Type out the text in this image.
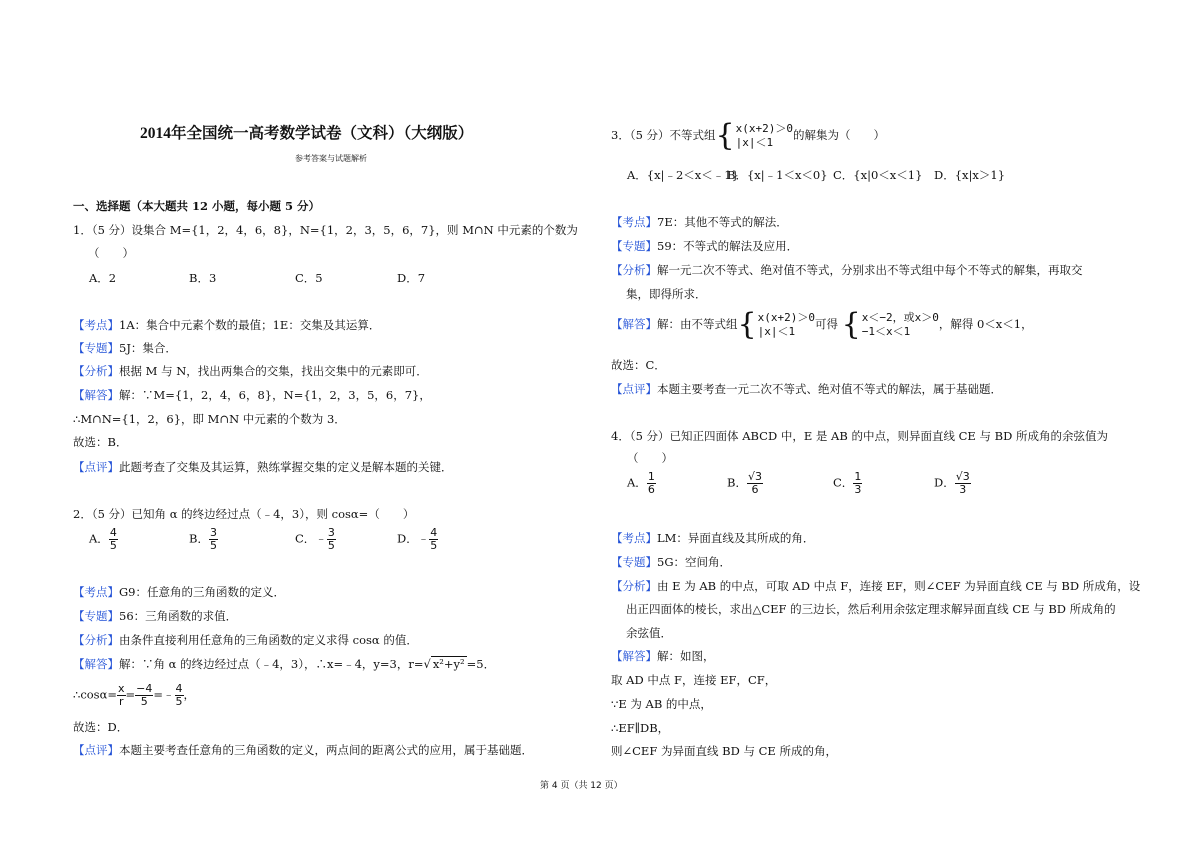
2014年全国统一高考数学试卷（文科）（大纲版）
参考答案与试题解析
一、选择题（本大题共 12 小题，每小题 5 分）
1．（5 分）设集合 M={1，2，4，6，8}，N={1，2，3，5，6，7}，则 M∩N 中元素的个数为
（　　）
A．2	B．3	C．5	D．7
【考点】1A：集合中元素个数的最值；1E：交集及其运算．
【专题】5J：集合．
【分析】根据 M 与 N，找出两集合的交集，找出交集中的元素即可．
【解答】解：∵M={1，2，4，6，8}，N={1，2，3，5，6，7}，
∴M∩N={1，2，6}，即 M∩N 中元素的个数为 3．
故选：B．
【点评】此题考查了交集及其运算，熟练掌握交集的定义是解本题的关键．
2．（5 分）已知角 α 的终边经过点（﹣4，3），则 cosα=（　　）
A． $\frac{4}{5}$	B． $\frac{3}{5}$	C．﹣ $\frac{3}{5}$	D．﹣ $\frac{4}{5}$
【考点】G9：任意角的三角函数的定义．
【专题】56：三角函数的求值．
【分析】由条件直接利用任意角的三角函数的定义求得 cosα 的值．
【解答】解：∵角 α 的终边经过点（﹣4，3），∴x=﹣4，y=3，r=√ x²+y² =5．
∴cosα= $\frac{x}{r} = \frac{-4}{5}$ =﹣ $\frac{4}{5}$ ，
故选：D．
【点评】本题主要考查任意角的三角函数的定义，两点间的距离公式的应用，属于基础题．
3．（5 分）不等式组 { x(x+2)＞0
|x|＜1
的解集为（　　）
A．{x|﹣2＜x＜﹣1}
B．{x|﹣1＜x＜0} C．{x|0＜x＜1} D．{x|x＞1}
【考点】7E：其他不等式的解法．
【专题】59：不等式的解法及应用．
【分析】解一元二次不等式、绝对值不等式，分别求出不等式组中每个不等式的解集，再取交
集，即得所求．
【解答】解：由不等式组 { x(x+2)＞0
|x|＜1
可得 { x＜−2，或x＞0
−1＜x＜1
，解得 0＜x＜1，
故选：C．
【点评】本题主要考查一元二次不等式、绝对值不等式的解法，属于基础题．
4．（5 分）已知正四面体 ABCD 中，E 是 AB 的中点，则异面直线 CE 与 BD 所成角的余弦值为
（　　）
A． $\frac{1}{6}$	B． $\frac{√3}{6}$	C． $\frac{1}{3}$	D． $\frac{√3}{3}$
【考点】LM：异面直线及其所成的角．
【专题】5G：空间角．
【分析】由 E 为 AB 的中点，可取 AD 中点 F，连接 EF，则∠CEF 为异面直线 CE 与 BD 所成角，设
出正四面体的棱长，求出△CEF 的三边长，然后利用余弦定理求解异面直线 CE 与 BD 所成角的
余弦值．
【解答】解：如图，
取 AD 中点 F，连接 EF，CF，
∵E 为 AB 的中点，
∴EF∥DB，
则∠CEF 为异面直线 BD 与 CE 所成的角，
第 4 页（共 12 页）
